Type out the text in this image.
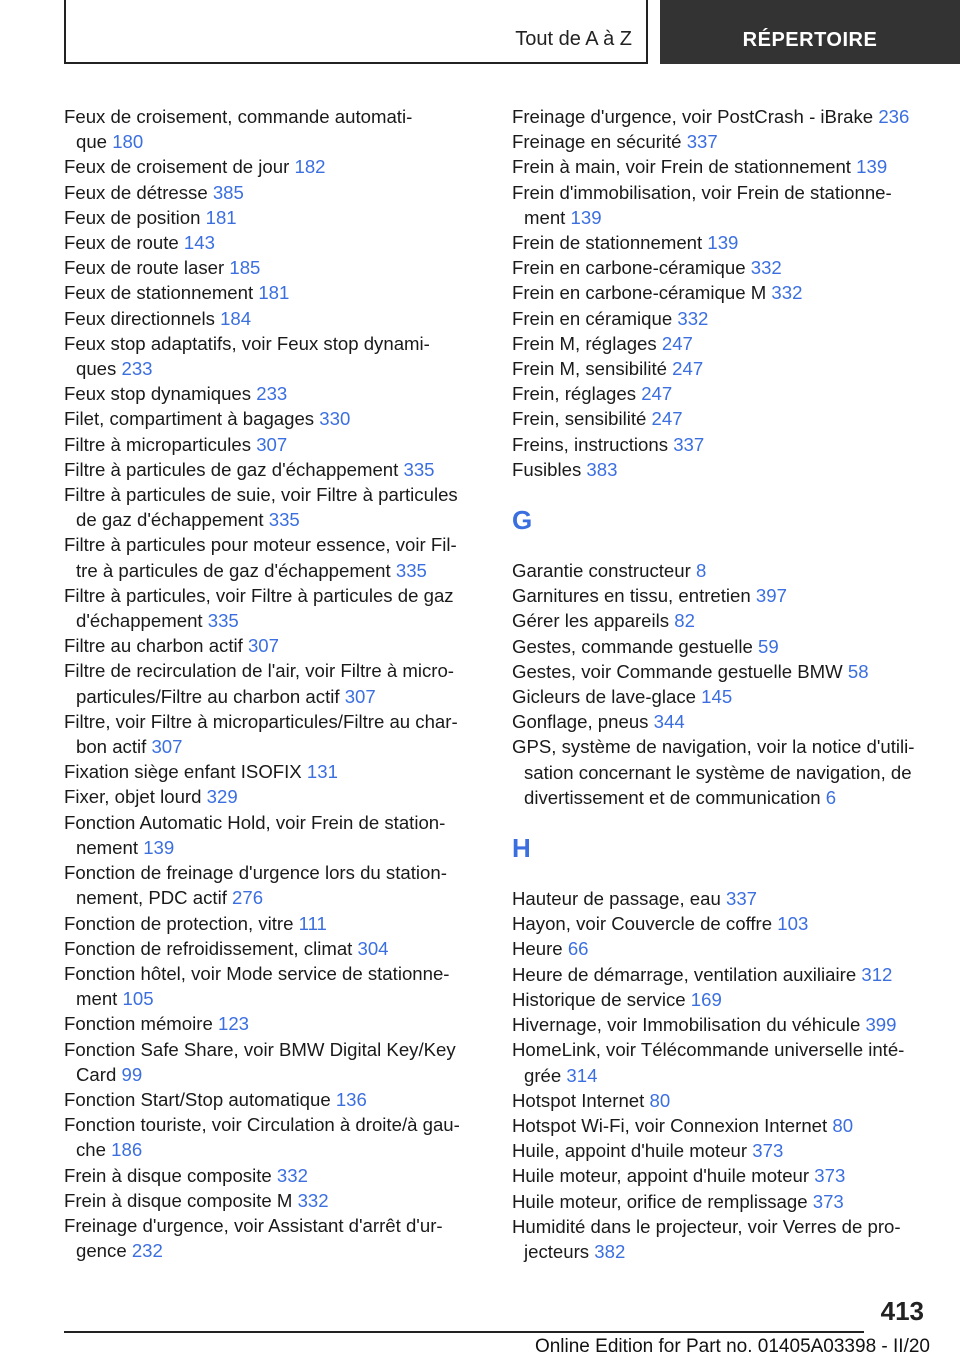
Tout de A à Z	RÉPERTOIRE
Feux de croisement, commande automati-
que 180
Feux de croisement de jour 182
Feux de détresse 385
Feux de position 181
Feux de route 143
Feux de route laser 185
Feux de stationnement 181
Feux directionnels 184
Feux stop adaptatifs, voir Feux stop dynami-
ques 233
Feux stop dynamiques 233
Filet, compartiment à bagages 330
Filtre à microparticules 307
Filtre à particules de gaz d'échappement 335
Filtre à particules de suie, voir Filtre à particules
de gaz d'échappement 335
Filtre à particules pour moteur essence, voir Fil-
tre à particules de gaz d'échappement 335
Filtre à particules, voir Filtre à particules de gaz
d'échappement 335
Filtre au charbon actif 307
Filtre de recirculation de l'air, voir Filtre à micro-
particules/Filtre au charbon actif 307
Filtre, voir Filtre à microparticules/Filtre au char-
bon actif 307
Fixation siège enfant ISOFIX 131
Fixer, objet lourd 329
Fonction Automatic Hold, voir Frein de station-
nement 139
Fonction de freinage d'urgence lors du station-
nement, PDC actif 276
Fonction de protection, vitre 111
Fonction de refroidissement, climat 304
Fonction hôtel, voir Mode service de stationne-
ment 105
Fonction mémoire 123
Fonction Safe Share, voir BMW Digital Key/Key
Card 99
Fonction Start/Stop automatique 136
Fonction touriste, voir Circulation à droite/à gau-
che 186
Frein à disque composite 332
Frein à disque composite M 332
Freinage d'urgence, voir Assistant d'arrêt d'ur-
gence 232
Freinage d'urgence, voir PostCrash - iBrake 236
Freinage en sécurité 337
Frein à main, voir Frein de stationnement 139
Frein d'immobilisation, voir Frein de stationne-
ment 139
Frein de stationnement 139
Frein en carbone-céramique 332
Frein en carbone-céramique M 332
Frein en céramique 332
Frein M, réglages 247
Frein M, sensibilité 247
Frein, réglages 247
Frein, sensibilité 247
Freins, instructions 337
Fusibles 383
G
Garantie constructeur 8
Garnitures en tissu, entretien 397
Gérer les appareils 82
Gestes, commande gestuelle 59
Gestes, voir Commande gestuelle BMW 58
Gicleurs de lave-glace 145
Gonflage, pneus 344
GPS, système de navigation, voir la notice d'utili-
sation concernant le système de navigation, de
divertissement et de communication 6
H
Hauteur de passage, eau 337
Hayon, voir Couvercle de coffre 103
Heure 66
Heure de démarrage, ventilation auxiliaire 312
Historique de service 169
Hivernage, voir Immobilisation du véhicule 399
HomeLink, voir Télécommande universelle inté-
grée 314
Hotspot Internet 80
Hotspot Wi-Fi, voir Connexion Internet 80
Huile, appoint d'huile moteur 373
Huile moteur, appoint d'huile moteur 373
Huile moteur, orifice de remplissage 373
Humidité dans le projecteur, voir Verres de pro-
jecteurs 382
413
Online Edition for Part no. 01405A03398 - II/20
